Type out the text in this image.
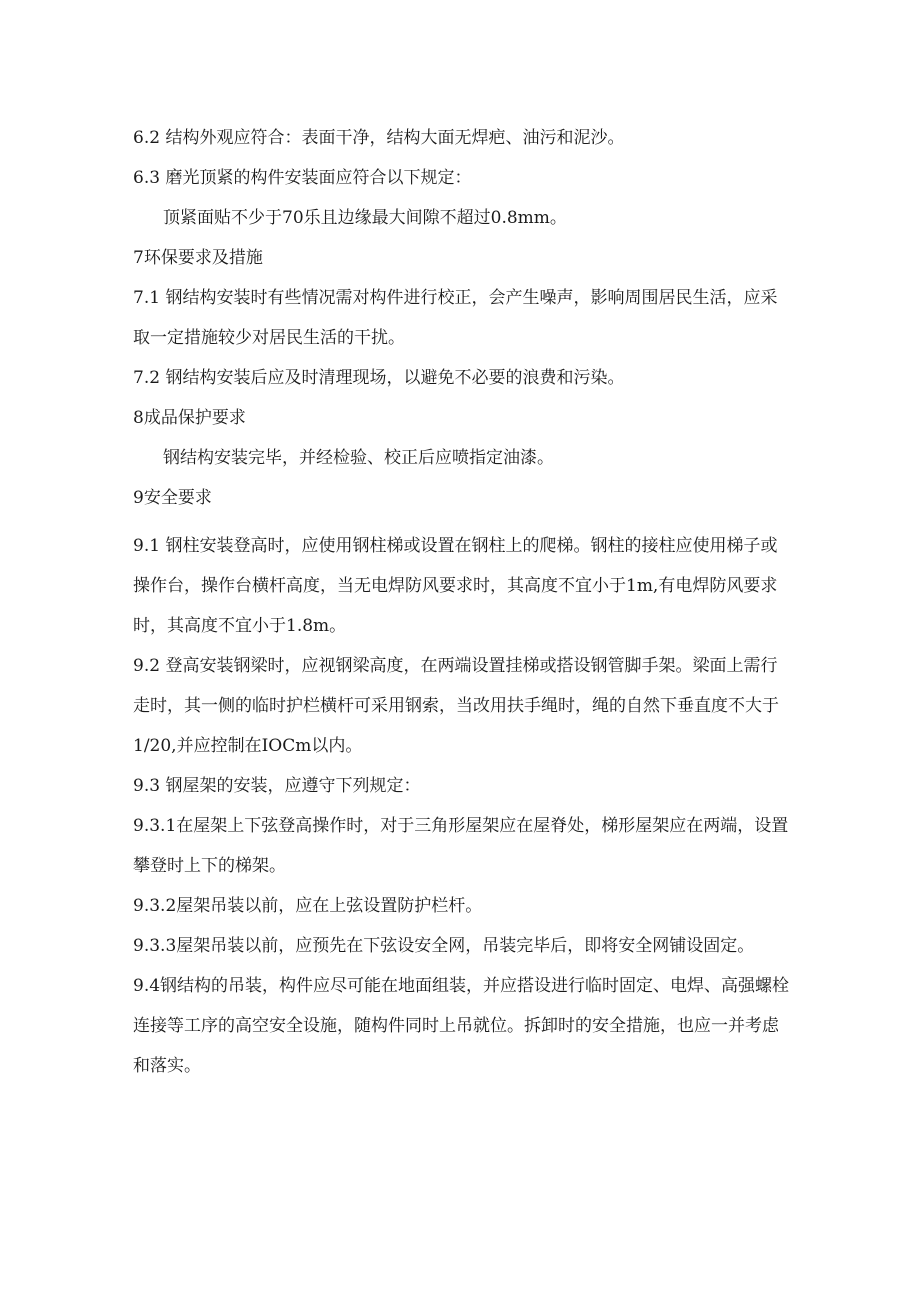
6.2 结构外观应符合：表面干净，结构大面无焊疤、油污和泥沙。

6.3 磨光顶紧的构件安装面应符合以下规定：

顶紧面贴不少于70乐且边缘最大间隙不超过0.8mm。

7环保要求及措施

7.1 钢结构安装时有些情况需对构件进行校正，会产生噪声，影响周围居民生活，应采取一定措施较少对居民生活的干扰。

7.2 钢结构安装后应及时清理现场，以避免不必要的浪费和污染。

8成品保护要求

钢结构安装完毕，并经检验、校正后应喷指定油漆。

9安全要求

9.1 钢柱安装登高时，应使用钢柱梯或设置在钢柱上的爬梯。钢柱的接柱应使用梯子或操作台，操作台横杆高度，当无电焊防风要求时，其高度不宜小于1m,有电焊防风要求时，其高度不宜小于1.8m。

9.2 登高安装钢梁时，应视钢梁高度，在两端设置挂梯或搭设钢管脚手架。梁面上需行走时，其一侧的临时护栏横杆可采用钢索，当改用扶手绳时，绳的自然下垂直度不大于1/20,并应控制在IOCm以内。

9.3 钢屋架的安装，应遵守下列规定：

9.3.1在屋架上下弦登高操作时，对于三角形屋架应在屋脊处，梯形屋架应在两端，设置攀登时上下的梯架。

9.3.2屋架吊装以前，应在上弦设置防护栏杆。

9.3.3屋架吊装以前，应预先在下弦设安全网，吊装完毕后，即将安全网铺设固定。

9.4钢结构的吊装，构件应尽可能在地面组装，并应搭设进行临时固定、电焊、高强螺栓连接等工序的高空安全设施，随构件同时上吊就位。拆卸时的安全措施，也应一并考虑和落实。
